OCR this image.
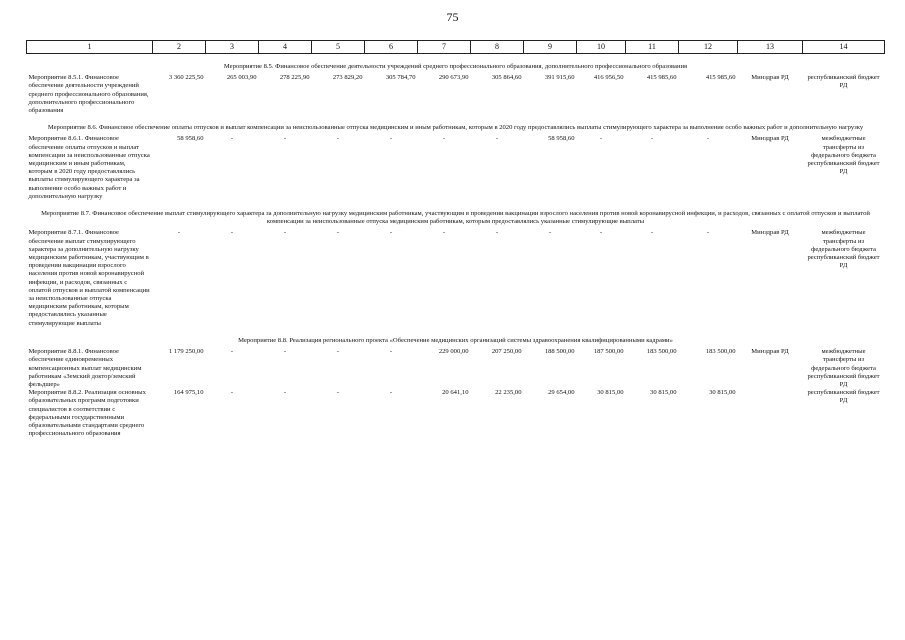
75
1	2	3	4	5	6	7	8	9	10	11	12	13	14
Мероприятие 8.5. Финансовое обеспечение деятельности учреждений среднего профессионального образования, дополнительного профессионального образования													
Мероприятие 8.5.1. Финансовое обеспечение деятельности учреждений среднего профессионального образования, дополнительного профессионального образования	3 360 225,50	265 003,90	278 225,90	273 829,20	305 784,70	290 673,90	305 864,60	391 915,60	416 956,50	415 985,60	415 985,60	Минздрав РД	республиканский бюджет РД
Мероприятие 8.6. Финансовое обеспечение оплаты отпусков и выплат компенсации за неиспользованные отпуска медицинским и иным работникам, которым в 2020 году предоставлялись выплаты стимулирующего характера за выполнение особо важных работ и дополнительную нагрузку													
Мероприятие 8.6.1. Финансовое обеспечение оплаты отпусков и выплат компенсации за неиспользованные отпуска медицинским и иным работникам, которым в 2020 году предоставлялись выплаты стимулирующего характера за выполнение особо важных работ и дополнительную нагрузку	58 958,60	-	-	-	-	-	-	58 958,60	-	-	-	Минздрав РД	межбюджетные трансферты из федерального бюджета республиканский бюджет РД
Мероприятие 8.7. Финансовое обеспечение выплат стимулирующего характера за дополнительную нагрузку медицинским работникам, участвующим в проведении вакцинации взрослого населения против новой коронавирусной инфекции, и расходов, связанных с оплатой отпусков и выплатой компенсации за неиспользованные отпуска медицинским работникам, которым предоставлялись указанные стимулирующие выплаты													
Мероприятие 8.7.1. Финансовое обеспечение выплат стимулирующего характера за дополнительную нагрузку медицинским работникам, участвующим в проведении вакцинации взрослого населения против новой коронавирусной инфекции, и расходов, связанных с оплатой отпусков и выплатой компенсации за неиспользованные отпуска медицинским работникам, которым предоставлялись указанные стимулирующие выплаты	-	-	-	-	-	-	-	-	-	-	-	Минздрав РД	межбюджетные трансферты из федерального бюджета республиканский бюджет РД
Мероприятие 8.8. Реализация регионального проекта «Обеспечение медицинских организаций системы здравоохранения квалифицированными кадрами»													
Мероприятие 8.8.1. Финансовое обеспечение единовременных компенсационных выплат медицинским работникам «Земский доктор/земский фельдшер»	1 179 250,00	-	-	-	-	229 000,00	207 250,00	188 500,00	187 500,00	183 500,00	183 500,00	Минздрав РД	межбюджетные трансферты из федерального бюджета республиканский бюджет РД
Мероприятие 8.8.2. Реализация основных образовательных программ подготовки специалистов в соответствии с федеральными государственными образовательными стандартами среднего профессионального образования	164 975,10	-	-	-	-	20 641,10	22 235,00	29 654,00	30 815,00	30 815,00	30 815,00		республиканский бюджет РД
